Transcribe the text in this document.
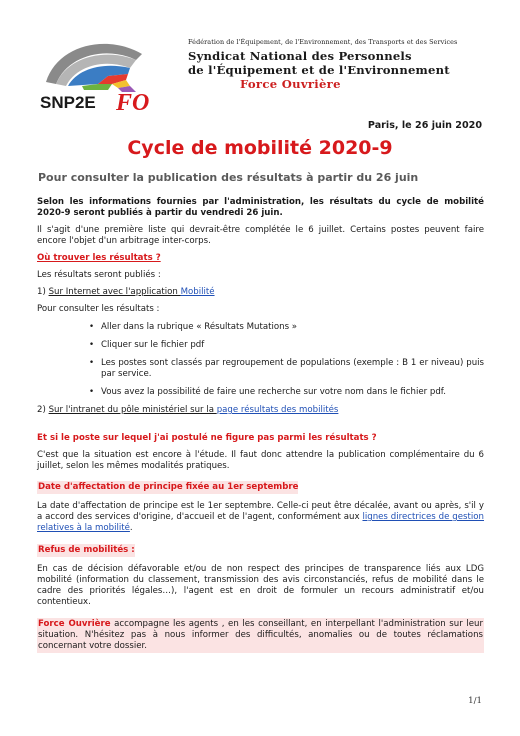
SNP2E FO
Fédération de l'Équipement, de l'Environnement, des Transports et des Services
Syndicat National des Personnels
de l'Équipement et de l'Environnement
Force Ouvrière
Paris, le 26 juin 2020
Cycle de mobilité 2020-9
Pour consulter la publication des résultats à partir du 26 juin

Selon les informations fournies par l'administration, les résultats du cycle de mobilité 2020-9 seront publiés à partir du vendredi 26 juin.

Il s'agit d'une première liste qui devrait-être complétée le 6 juillet. Certains postes peuvent faire encore l'objet d'un arbitrage inter-corps.

Où trouver les résultats ?

Les résultats seront publiés :

1) Sur Internet avec l'application Mobilité

Pour consulter les résultats :

• Aller dans la rubrique « Résultats Mutations »
• Cliquer sur le fichier pdf
• Les postes sont classés par regroupement de populations (exemple : B 1 er niveau) puis par service.
• Vous avez la possibilité de faire une recherche sur votre nom dans le fichier pdf.

2) Sur l'intranet du pôle ministériel sur la page résultats des mobilités

Et si le poste sur lequel j'ai postulé ne figure pas parmi les résultats ?

C'est que la situation est encore à l'étude. Il faut donc attendre la publication complémentaire du 6 juillet, selon les mêmes modalités pratiques.

Date d'affectation de principe fixée au 1er septembre

La date d'affectation de principe est le 1er septembre. Celle-ci peut être décalée, avant ou après, s'il y a accord des services d'origine, d'accueil et de l'agent, conformément aux lignes directrices de gestion relatives à la mobilité.

Refus de mobilités :

En cas de décision défavorable et/ou de non respect des principes de transparence liés aux LDG mobilité (information du classement, transmission des avis circonstanciés, refus de mobilité dans le cadre des priorités légales…), l'agent est en droit de formuler un recours administratif et/ou contentieux.

Force Ouvrière accompagne les agents , en les conseillant, en interpellant l'administration sur leur situation. N'hésitez pas à nous informer des difficultés, anomalies ou de toutes réclamations concernant votre dossier.

1/1
